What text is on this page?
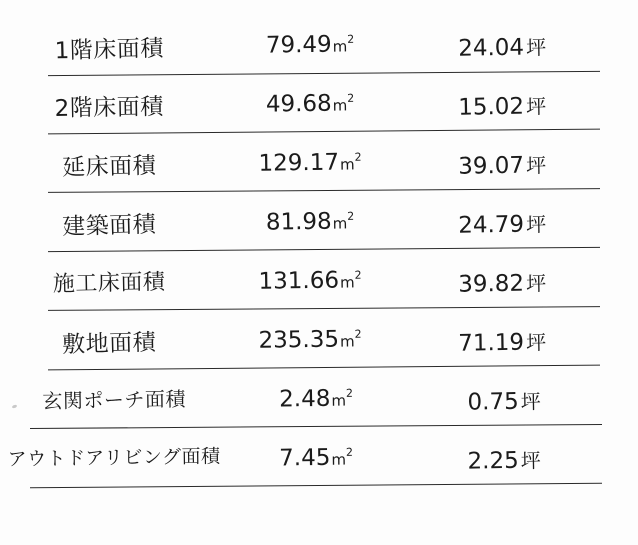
1階床面積	$79.49m^2$	24.04坪
2階床面積	$49.68m^2$	15.02坪
延床面積	$129.17m^2$	39.07坪
建築面積	$81.98m^2$	24.79坪
施工床面積	$131.66m^2$	39.82坪
敷地面積	$235.35m^2$	71.19坪
玄関ポーチ面積	$2.48m^2$	0.75坪
アウトドアリビング面積	$7.45m^2$	2.25坪
